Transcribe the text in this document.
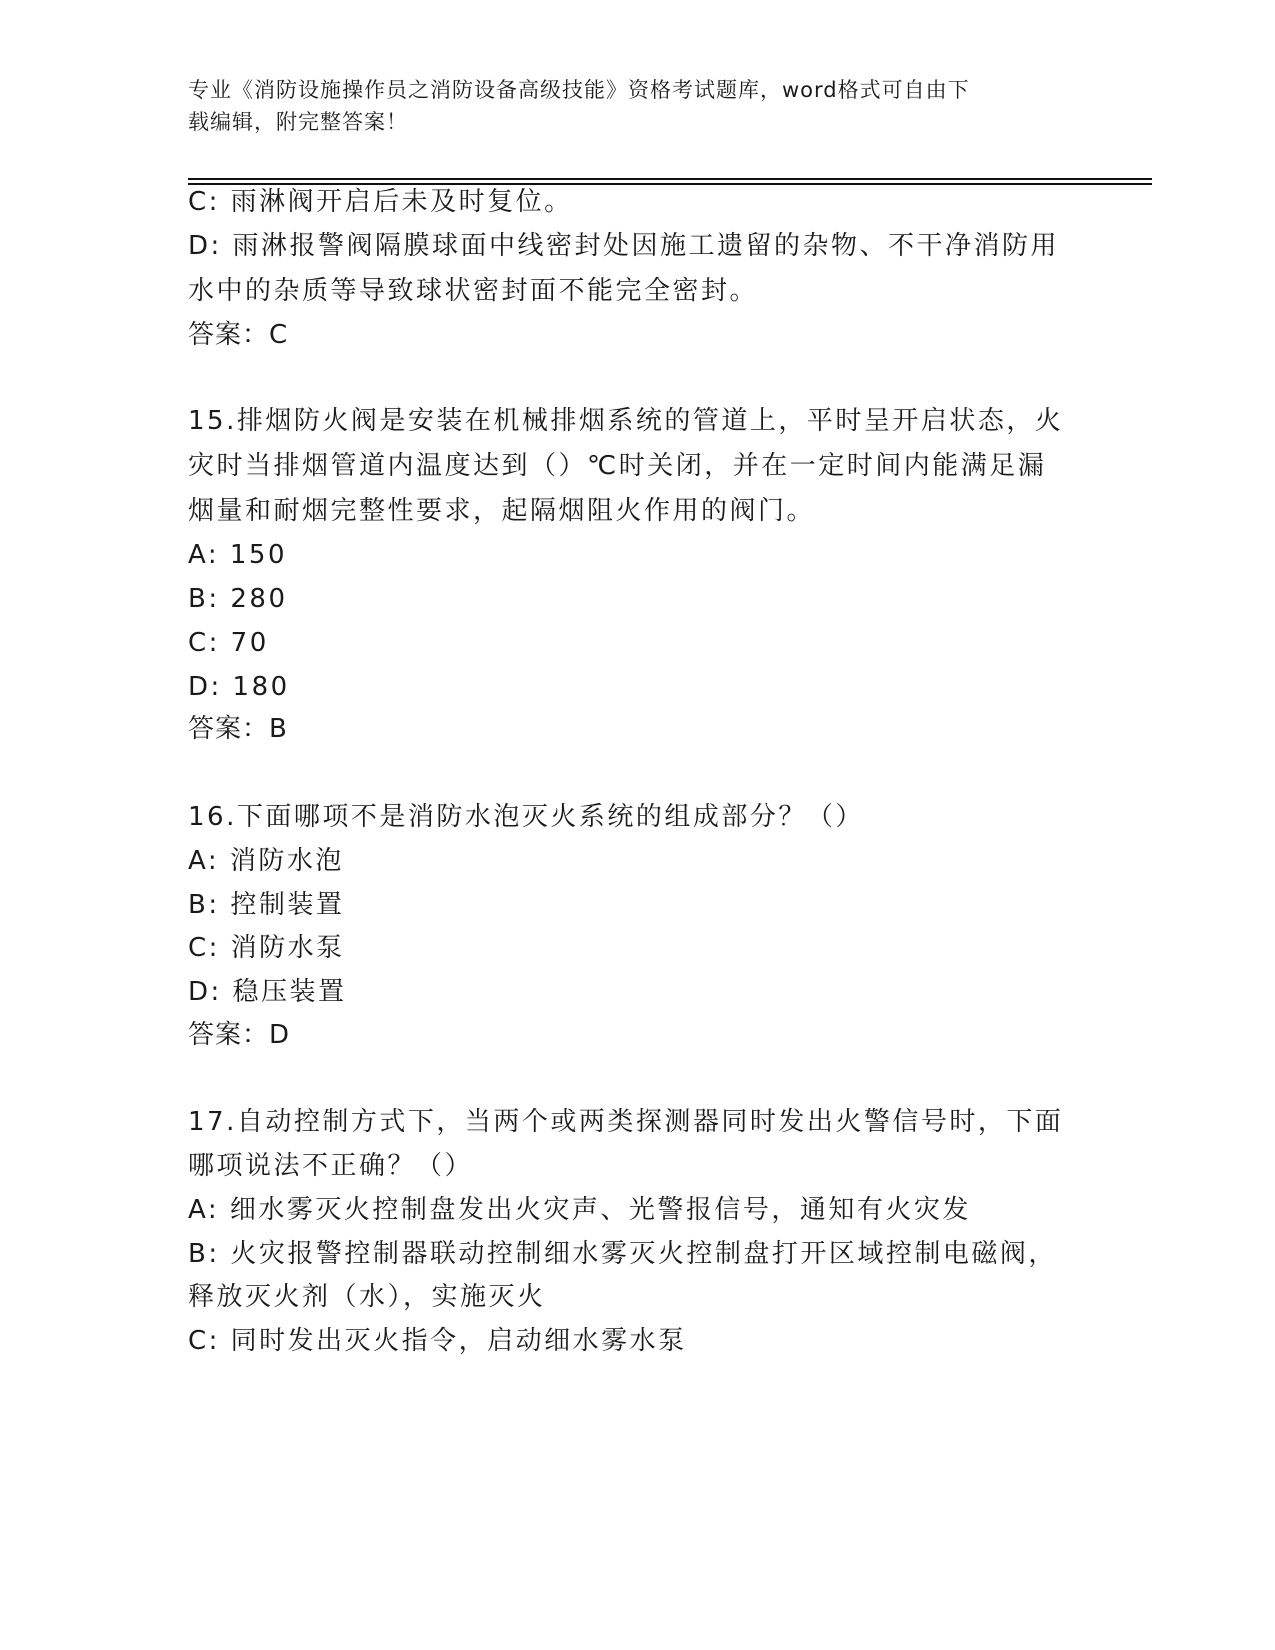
专业《消防设施操作员之消防设备高级技能》资格考试题库，word格式可自由下
载编辑，附完整答案！
C: 雨淋阀开启后未及时复位。
D: 雨淋报警阀隔膜球面中线密封处因施工遗留的杂物、不干净消防用
水中的杂质等导致球状密封面不能完全密封。
答案：C
15.排烟防火阀是安装在机械排烟系统的管道上，平时呈开启状态，火
灾时当排烟管道内温度达到（）℃时关闭，并在一定时间内能满足漏
烟量和耐烟完整性要求，起隔烟阻火作用的阀门。
A: 150
B: 280
C: 70
D: 180
答案：B
16.下面哪项不是消防水泡灭火系统的组成部分？（）
A: 消防水泡
B: 控制装置
C: 消防水泵
D: 稳压装置
答案：D
17.自动控制方式下，当两个或两类探测器同时发出火警信号时，下面
哪项说法不正确？（）
A: 细水雾灭火控制盘发出火灾声、光警报信号，通知有火灾发
B: 火灾报警控制器联动控制细水雾灭火控制盘打开区域控制电磁阀，
释放灭火剂（水），实施灭火
C: 同时发出灭火指令，启动细水雾水泵
